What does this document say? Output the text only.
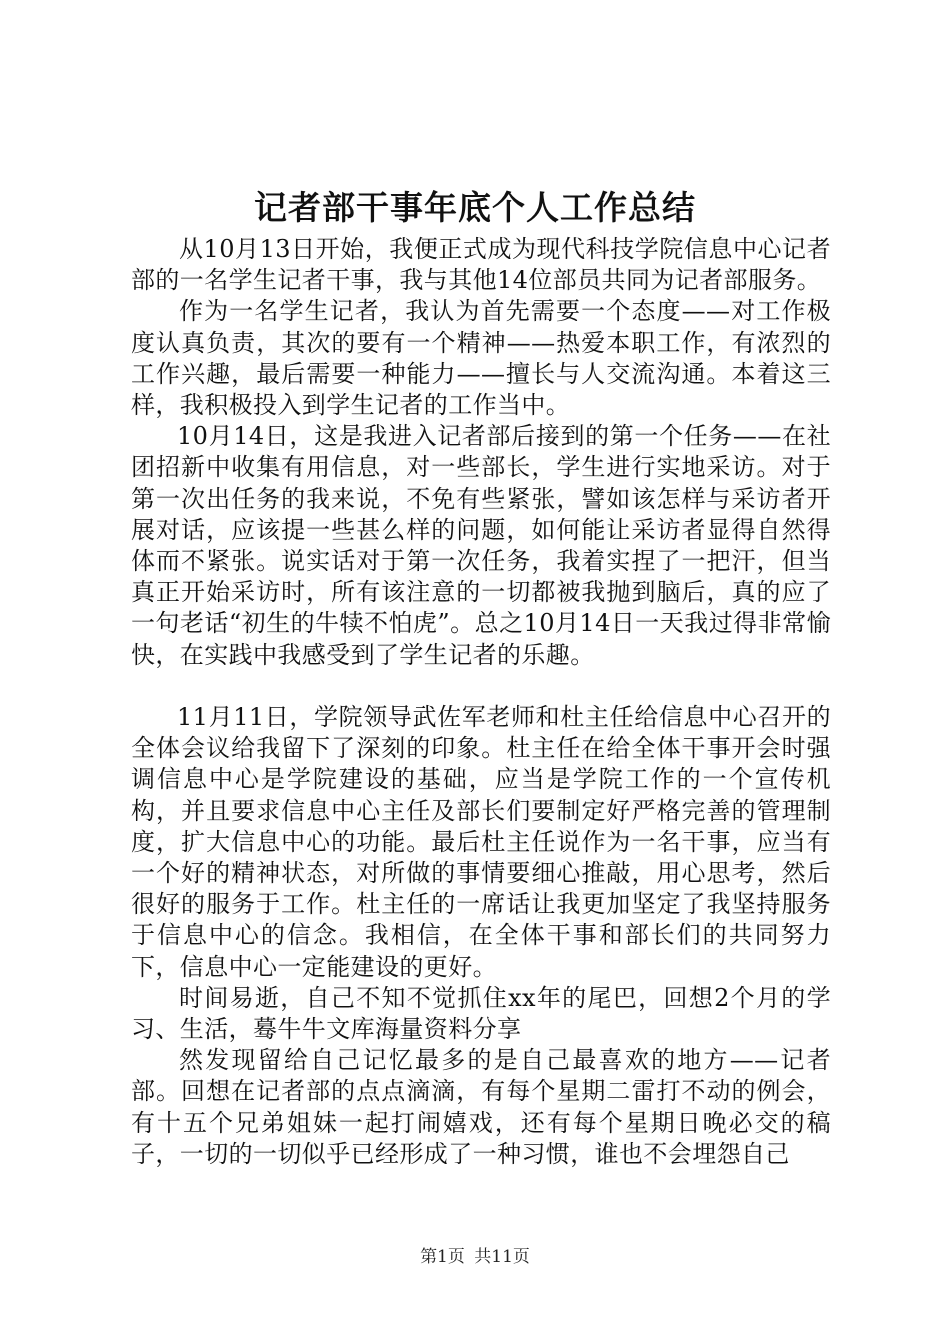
记者部干事年底个人工作总结

从10月13日开始，我便正式成为现代科技学院信息中心记者部的一名学生记者干事，我与其他14位部员共同为记者部服务。

作为一名学生记者，我认为首先需要一个态度——对工作极度认真负责，其次的要有一个精神——热爱本职工作，有浓烈的工作兴趣，最后需要一种能力——擅长与人交流沟通。本着这三样，我积极投入到学生记者的工作当中。

10月14日，这是我进入记者部后接到的第一个任务——在社团招新中收集有用信息，对一些部长，学生进行实地采访。对于第一次出任务的我来说，不免有些紧张，譬如该怎样与采访者开展对话，应该提一些甚么样的问题，如何能让采访者显得自然得体而不紧张。说实话对于第一次任务，我着实捏了一把汗，但当真正开始采访时，所有该注意的一切都被我抛到脑后，真的应了一句老话“初生的牛犊不怕虎”。总之10月14日一天我过得非常愉快，在实践中我感受到了学生记者的乐趣。

11月11日，学院领导武佐军老师和杜主任给信息中心召开的全体会议给我留下了深刻的印象。杜主任在给全体干事开会时强调信息中心是学院建设的基础，应当是学院工作的一个宣传机构，并且要求信息中心主任及部长们要制定好严格完善的管理制度，扩大信息中心的功能。最后杜主任说作为一名干事，应当有一个好的精神状态，对所做的事情要细心推敲，用心思考，然后很好的服务于工作。杜主任的一席话让我更加坚定了我坚持服务于信息中心的信念。我相信，在全体干事和部长们的共同努力下，信息中心一定能建设的更好。

时间易逝，自己不知不觉抓住xx年的尾巴，回想2个月的学习、生活，蓦牛牛文库海量资料分享

然发现留给自己记忆最多的是自己最喜欢的地方——记者部。回想在记者部的点点滴滴，有每个星期二雷打不动的例会，有十五个兄弟姐妹一起打闹嬉戏，还有每个星期日晚必交的稿子，一切的一切似乎已经形成了一种习惯，谁也不会埋怨自己

第1页 共11页
